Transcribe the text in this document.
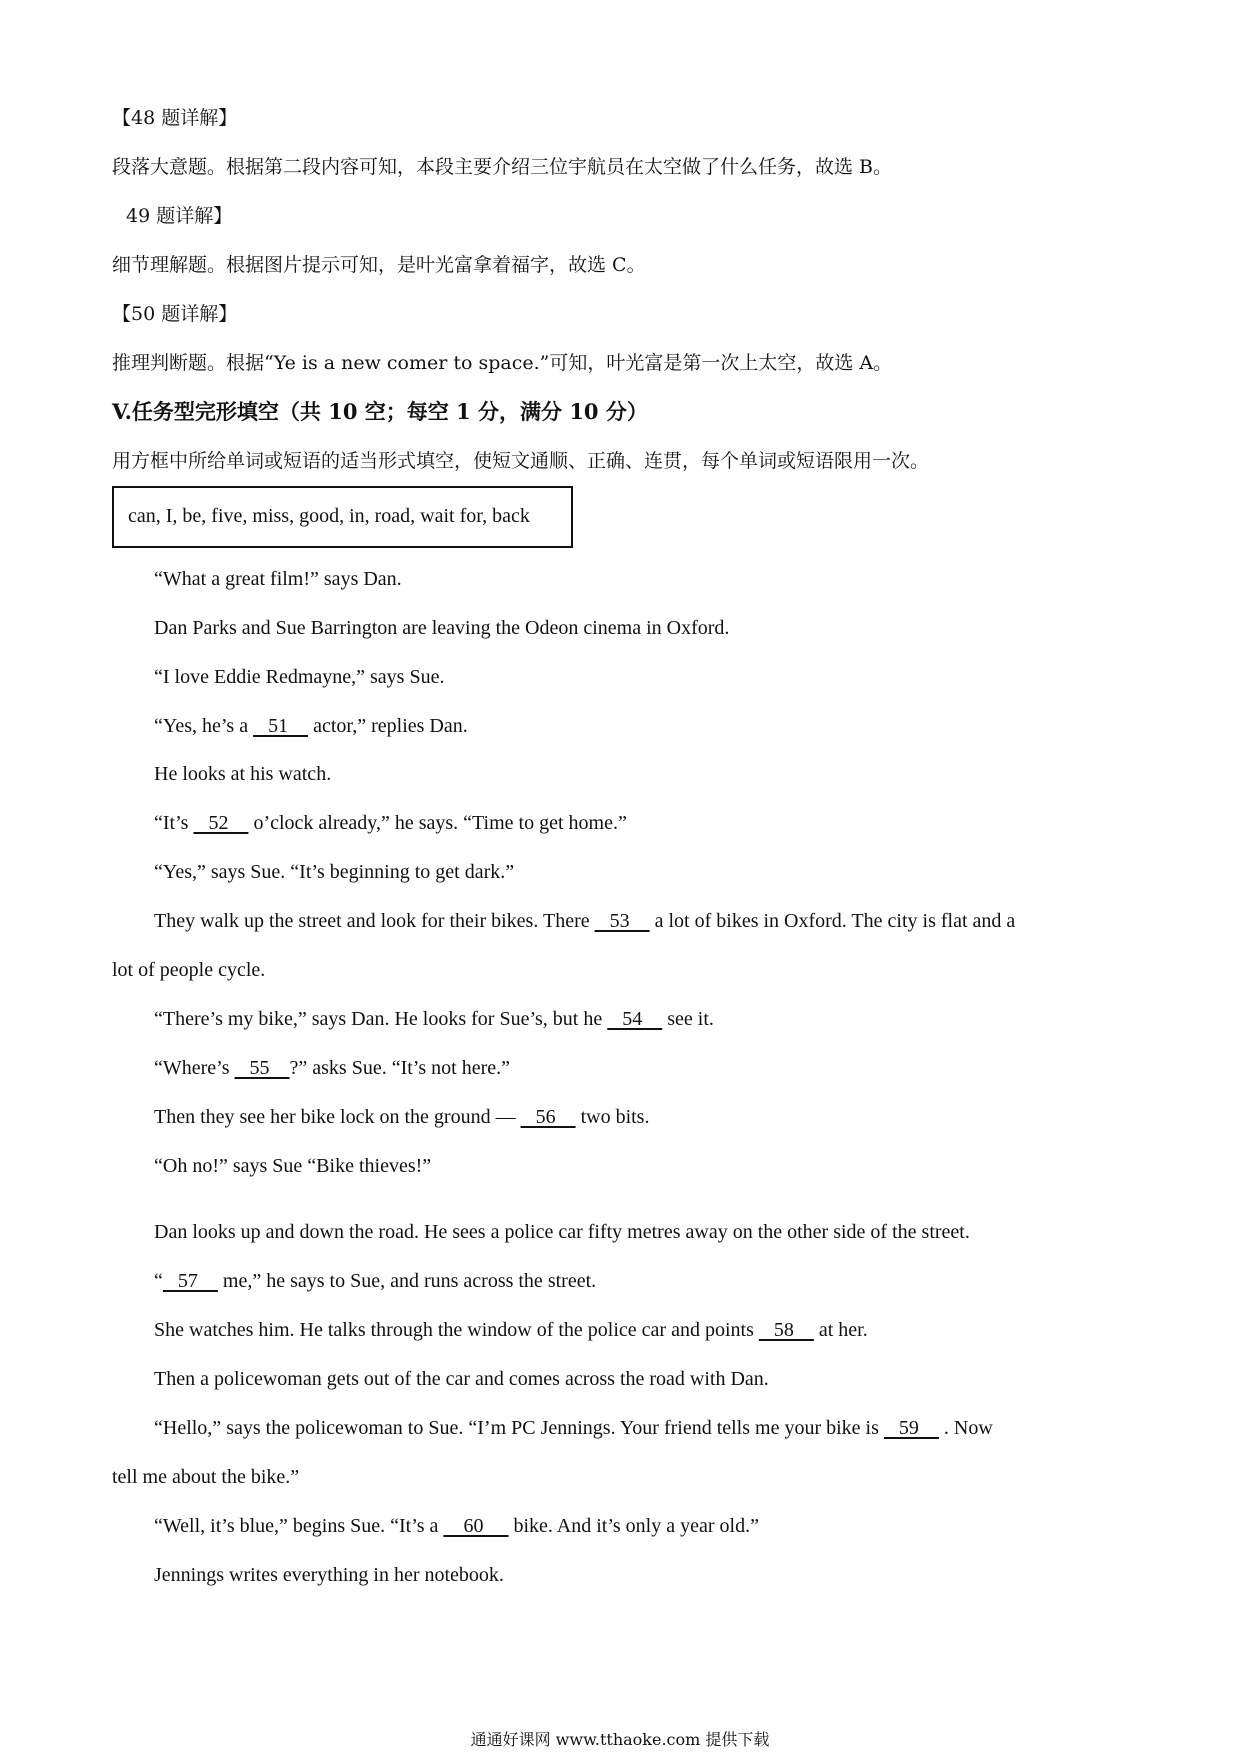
【48 题详解】
段落大意题。根据第二段内容可知，本段主要介绍三位宇航员在太空做了什么任务，故选 B。
49 题详解】
细节理解题。根据图片提示可知，是叶光富拿着福字，故选 C。
【50 题详解】
推理判断题。根据“Ye is a new comer to space.”可知，叶光富是第一次上太空，故选 A。
V.任务型完形填空（共 10 空；每空 1 分，满分 10 分）
用方框中所给单词或短语的适当形式填空，使短文通顺、正确、连贯，每个单词或短语限用一次。
can, I, be, five, miss, good, in, road, wait for, back
“What a great film!” says Dan.
Dan Parks and Sue Barrington are leaving the Odeon cinema in Oxford.
“I love Eddie Redmayne,” says Sue.
“Yes, he’s a    51     actor,” replies Dan.
He looks at his watch.
“It’s    52     o’clock already,” he says. “Time to get home.”
“Yes,” says Sue. “It’s beginning to get dark.”
They walk up the street and look for their bikes. There    53     a lot of bikes in Oxford. The city is flat and a
lot of people cycle.
“There’s my bike,” says Dan. He looks for Sue’s, but he    54     see it.
“Where’s    55    ?” asks Sue. “It’s not here.”
Then they see her bike lock on the ground —    56     two bits.
“Oh no!” says Sue “Bike thieves!”
Dan looks up and down the road. He sees a police car fifty metres away on the other side of the street.
“   57     me,” he says to Sue, and runs across the street.
She watches him. He talks through the window of the police car and points    58     at her.
Then a policewoman gets out of the car and comes across the road with Dan.
“Hello,” says the policewoman to Sue. “I’m PC Jennings. Your friend tells me your bike is    59     . Now
tell me about the bike.”
“Well, it’s blue,” begins Sue. “It’s a     60      bike. And it’s only a year old.”
Jennings writes everything in her notebook.
通通好课网 www.tthaoke.com 提供下载
